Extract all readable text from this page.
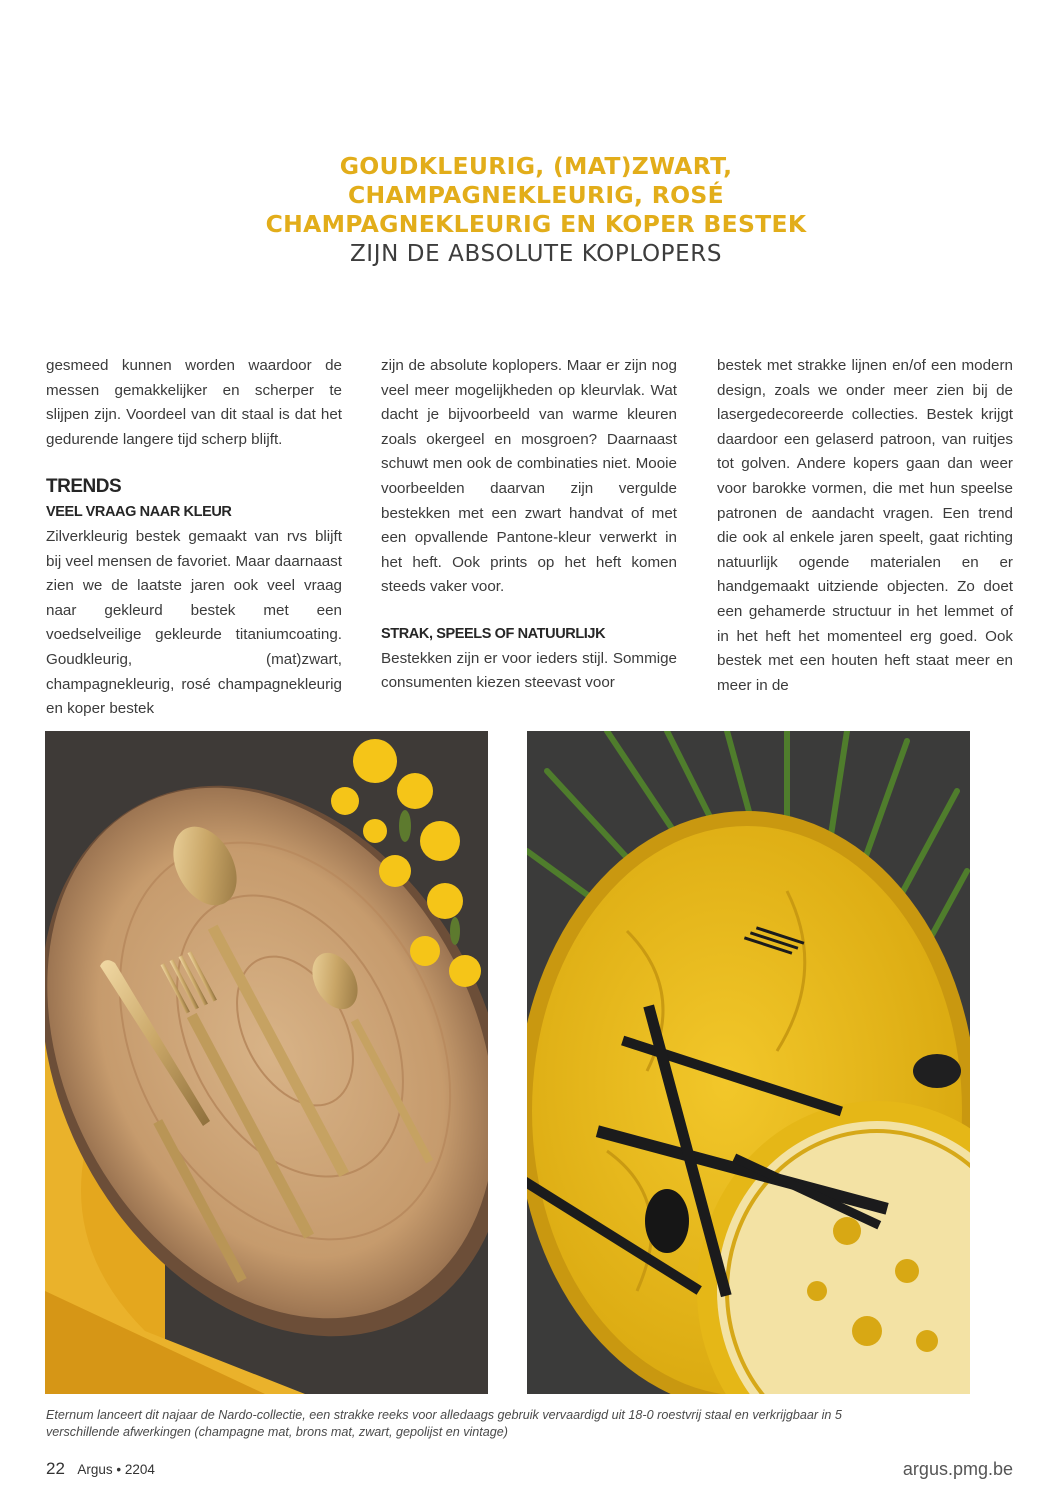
GOUDKLEURIG, (MAT)ZWART,

CHAMPAGNEKLEURIG, ROSÉ

CHAMPAGNEKLEURIG EN KOPER BESTEK

ZIJN DE ABSOLUTE KOPLOPERS

gesmeed kunnen worden waardoor de messen gemakkelijker en scherper te slijpen zijn. Voordeel van dit staal is dat het gedurende langere tijd scherp blijft.

TRENDS
VEEL VRAAG NAAR KLEUR

Zilverkleurig bestek gemaakt van rvs blijft bij veel mensen de favoriet. Maar daarnaast zien we de laatste jaren ook veel vraag naar gekleurd bestek met een voedselveilige gekleurde titaniumcoating. Goudkleurig, (mat)zwart, champagnekleurig, rosé champagnekleurig en koper bestek

zijn de absolute koplopers. Maar er zijn nog veel meer mogelijkheden op kleurvlak. Wat dacht je bijvoorbeeld van warme kleuren zoals okergeel en mosgroen? Daarnaast schuwt men ook de combinaties niet. Mooie voorbeelden daarvan zijn vergulde bestekken met een zwart handvat of met een opvallende Pantone-kleur verwerkt in het heft. Ook prints op het heft komen steeds vaker voor.

STRAK, SPEELS OF NATUURLIJK

Bestekken zijn er voor ieders stijl. Sommige consumenten kiezen steevast voor

bestek met strakke lijnen en/of een modern design, zoals we onder meer zien bij de lasergedecoreerde collecties. Bestek krijgt daardoor een gelaserd patroon, van ruitjes tot golven. Andere kopers gaan dan weer voor barokke vormen, die met hun speelse patronen de aandacht vragen. Een trend die ook al enkele jaren speelt, gaat richting natuurlijk ogende materialen en er handgemaakt uitziende objecten. Zo doet een gehamerde structuur in het lemmet of in het heft het momenteel erg goed. Ook bestek met een houten heft staat meer en meer in de

Eternum lanceert dit najaar de Nardo-collectie, een strakke reeks voor alledaags gebruik vervaardigd uit 18-0 roestvrij staal en verkrijgbaar in 5 verschillende afwerkingen (champagne mat, brons mat, zwart, gepolijst en vintage)
22 Argus • 2204	argus.pmg.be
